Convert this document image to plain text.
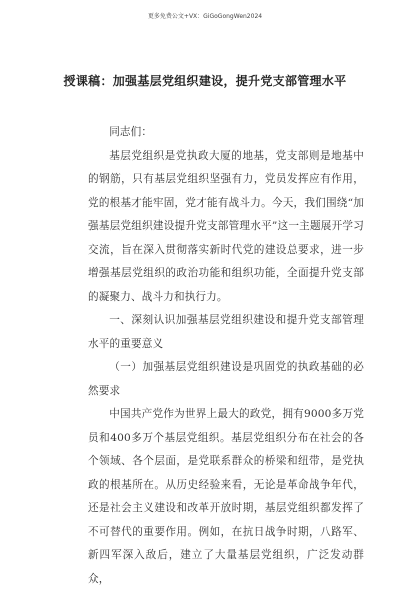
更多免费公文+VX：GiGoGongWen2024
授课稿：加强基层党组织建设，提升党支部管理水平

同志们：

基层党组织是党执政大厦的地基，党支部则是地基中的钢筋，只有基层党组织坚强有力，党员发挥应有作用，党的根基才能牢固，党才能有战斗力。今天，我们围绕“加强基层党组织建设提升党支部管理水平”这一主题展开学习交流，旨在深入贯彻落实新时代党的建设总要求，进一步增强基层党组织的政治功能和组织功能，全面提升党支部的凝聚力、战斗力和执行力。

一、深刻认识加强基层党组织建设和提升党支部管理水平的重要意义

（一）加强基层党组织建设是巩固党的执政基础的必然要求

中国共产党作为世界上最大的政党，拥有9000多万党员和400多万个基层党组织。基层党组织分布在社会的各个领域、各个层面，是党联系群众的桥梁和纽带，是党执政的根基所在。从历史经验来看，无论是革命战争年代，还是社会主义建设和改革开放时期，基层党组织都发挥了不可替代的重要作用。例如，在抗日战争时期，八路军、新四军深入敌后，建立了大量基层党组织，广泛发动群众，
